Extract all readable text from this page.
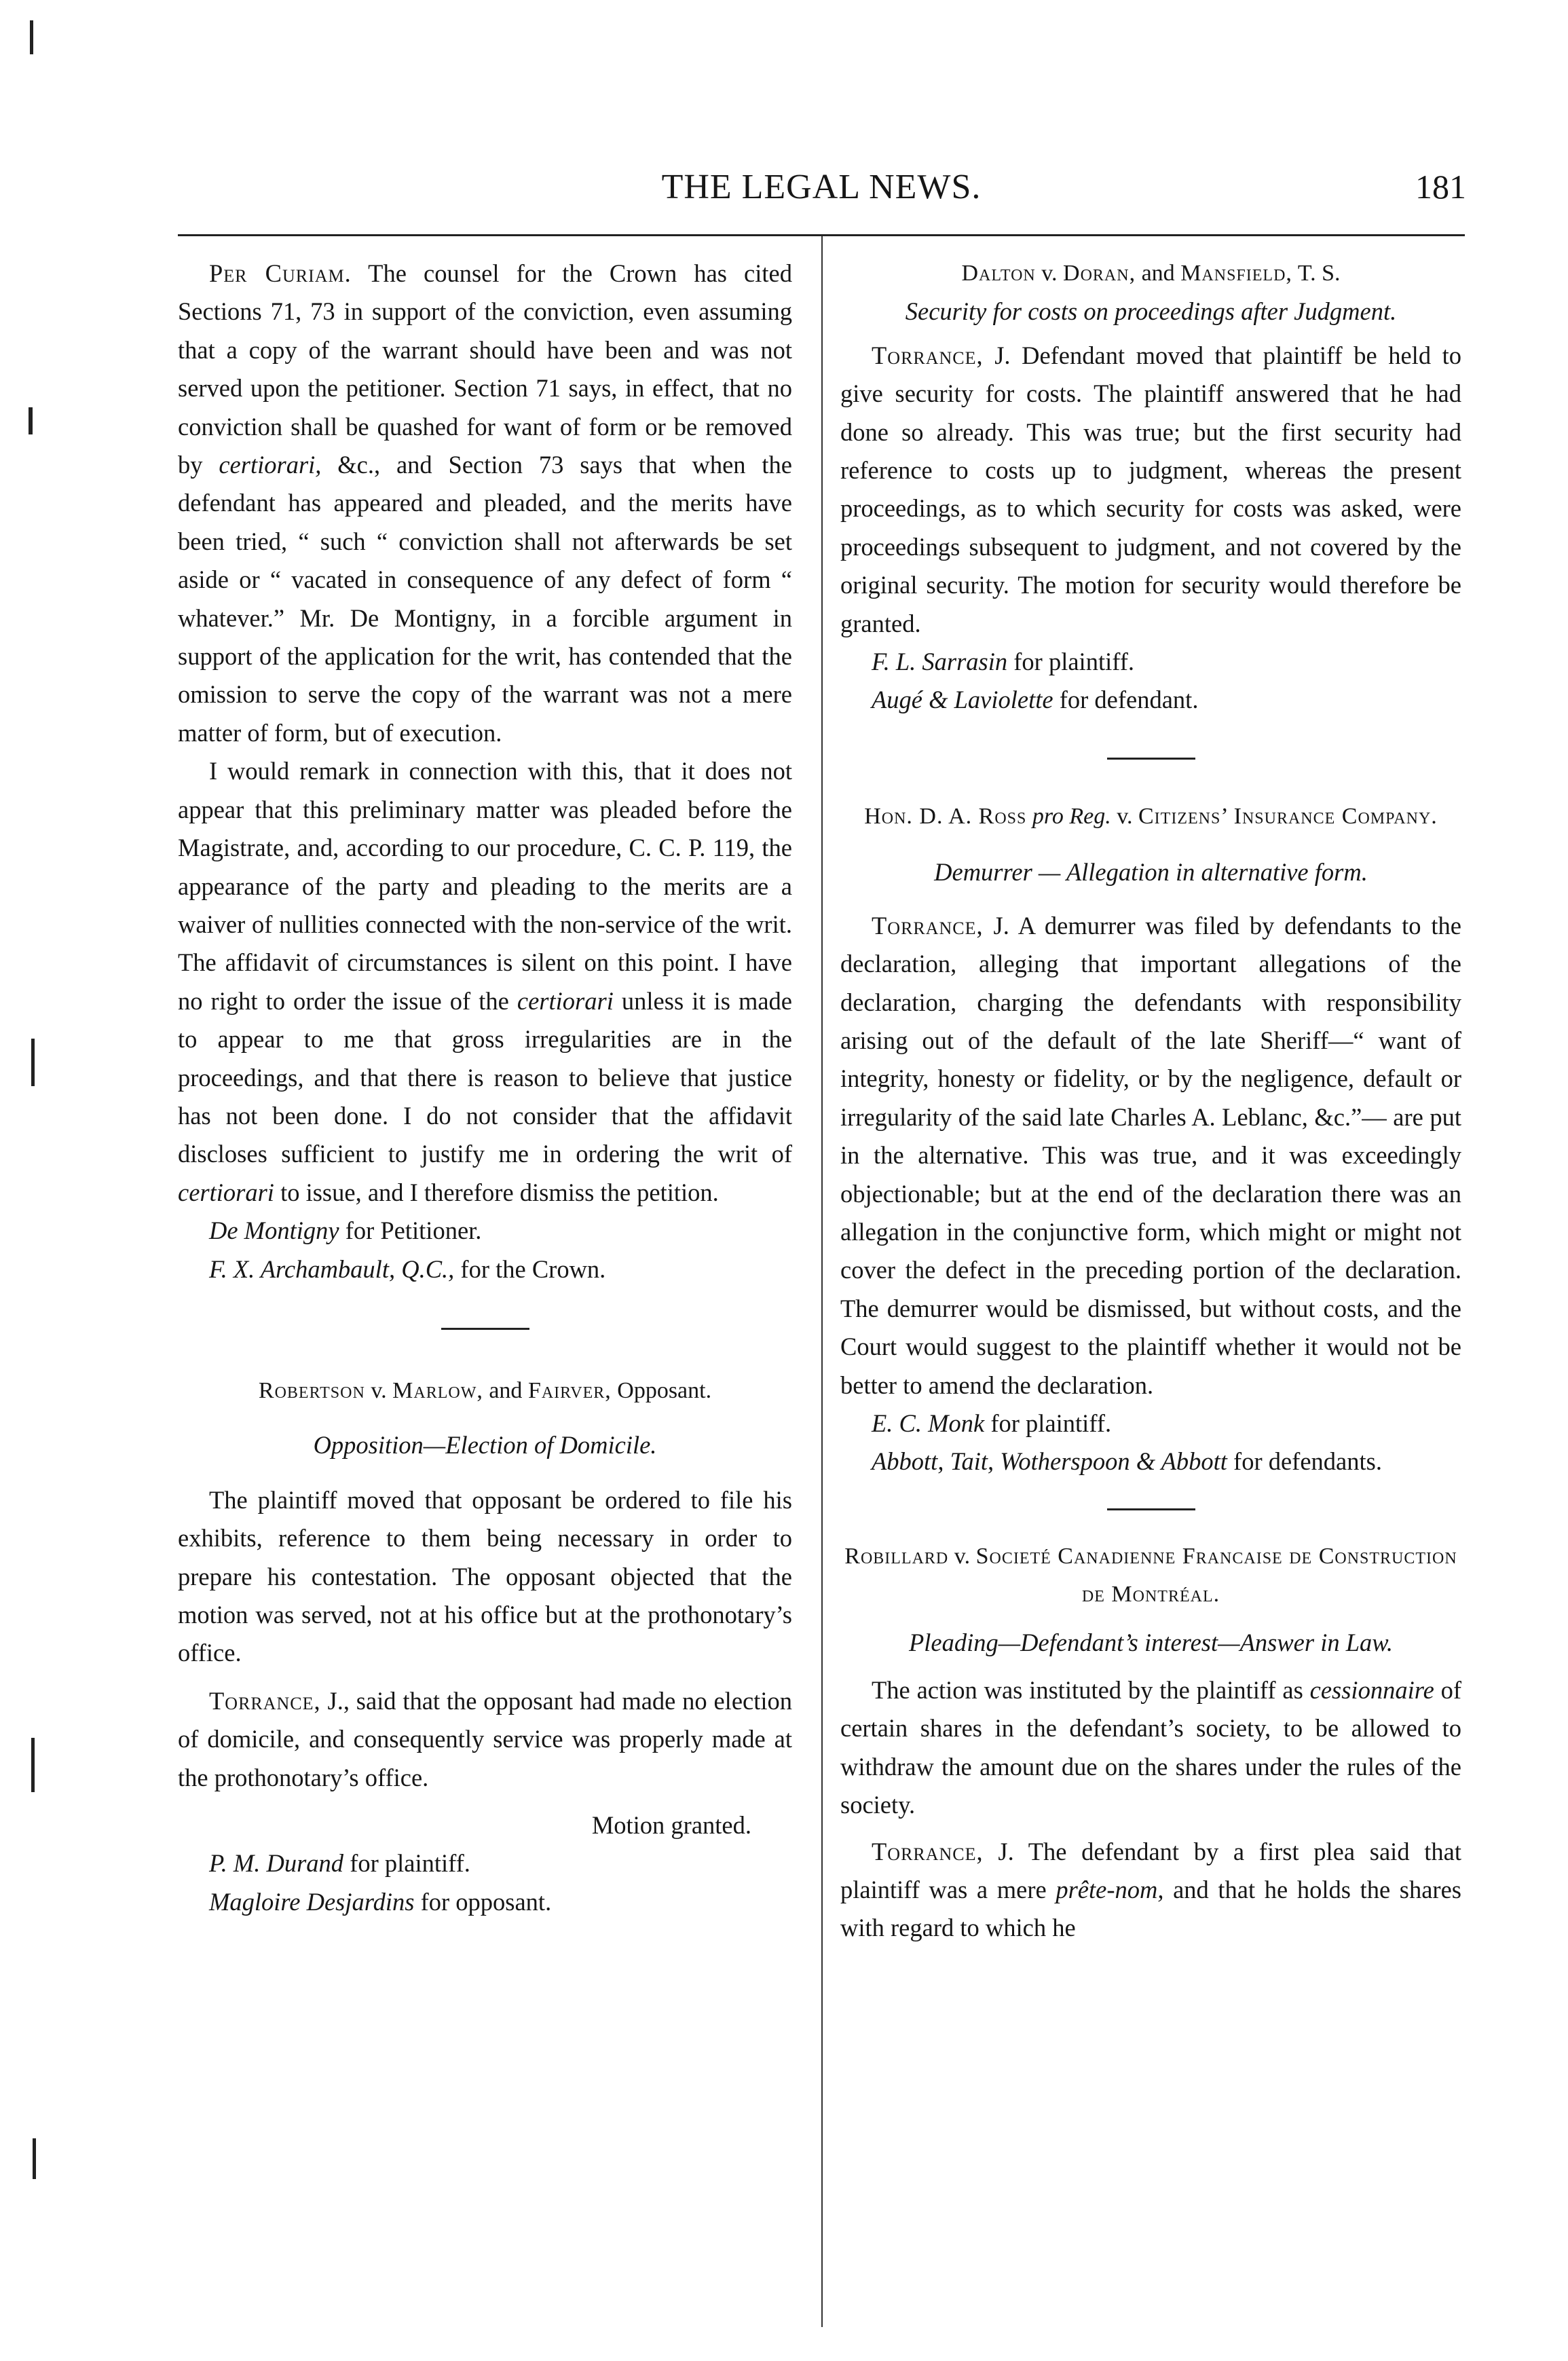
THE LEGAL NEWS.	181

Per Curiam. The counsel for the Crown has cited Sections 71, 73 in support of the conviction, even assuming that a copy of the warrant should have been and was not served upon the petitioner. Section 71 says, in effect, that no conviction shall be quashed for want of form or be removed by certiorari, &c., and Section 73 says that when the defendant has appeared and pleaded, and the merits have been tried, “ such “ conviction shall not afterwards be set aside or “ vacated in consequence of any defect of form “ whatever.” Mr. De Montigny, in a forcible argument in support of the application for the writ, has contended that the omission to serve the copy of the warrant was not a mere matter of form, but of execution.

I would remark in connection with this, that it does not appear that this preliminary matter was pleaded before the Magistrate, and, according to our procedure, C. C. P. 119, the appearance of the party and pleading to the merits are a waiver of nullities connected with the non-service of the writ. The affidavit of circumstances is silent on this point. I have no right to order the issue of the certiorari unless it is made to appear to me that gross irregularities are in the proceedings, and that there is reason to believe that justice has not been done. I do not consider that the affidavit discloses sufficient to justify me in ordering the writ of certiorari to issue, and I therefore dismiss the petition.

De Montigny for Petitioner.

F. X. Archambault, Q.C., for the Crown.

Robertson v. Marlow, and Fairver, Opposant.

Opposition—Election of Domicile.

The plaintiff moved that opposant be ordered to file his exhibits, reference to them being necessary in order to prepare his contestation. The opposant objected that the motion was served, not at his office but at the prothonotary’s office.

Torrance, J., said that the opposant had made no election of domicile, and consequently service was properly made at the prothonotary’s office.

Motion granted.

P. M. Durand for plaintiff.

Magloire Desjardins for opposant.

Dalton v. Doran, and Mansfield, T. S.

Security for costs on proceedings after Judgment.

Torrance, J. Defendant moved that plaintiff be held to give security for costs. The plaintiff answered that he had done so already. This was true; but the first security had reference to costs up to judgment, whereas the present proceedings, as to which security for costs was asked, were proceedings subsequent to judgment, and not covered by the original security. The motion for security would therefore be granted.

F. L. Sarrasin for plaintiff.

Augé & Laviolette for defendant.

Hon. D. A. Ross pro Reg. v. Citizens’ Insurance Company.

Demurrer — Allegation in alternative form.

Torrance, J. A demurrer was filed by defendants to the declaration, alleging that important allegations of the declaration, charging the defendants with responsibility arising out of the default of the late Sheriff—“ want of integrity, honesty or fidelity, or by the negligence, default or irregularity of the said late Charles A. Leblanc, &c.”— are put in the alternative. This was true, and it was exceedingly objectionable; but at the end of the declaration there was an allegation in the conjunctive form, which might or might not cover the defect in the preceding portion of the declaration. The demurrer would be dismissed, but without costs, and the Court would suggest to the plaintiff whether it would not be better to amend the declaration.

E. C. Monk for plaintiff.

Abbott, Tait, Wotherspoon & Abbott for defendants.

Robillard v. Societé Canadienne Francaise de Construction de Montréal.

Pleading—Defendant’s interest—Answer in Law.

The action was instituted by the plaintiff as cessionnaire of certain shares in the defendant’s society, to be allowed to withdraw the amount due on the shares under the rules of the society.

Torrance, J. The defendant by a first plea said that plaintiff was a mere prête-nom, and that he holds the shares with regard to which he
